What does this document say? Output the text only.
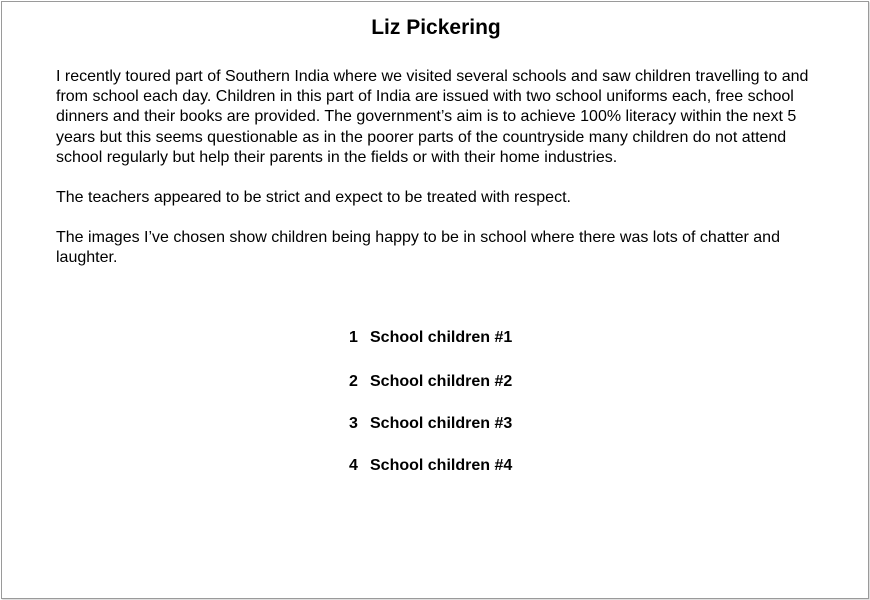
Liz Pickering

I recently toured part of Southern India where we visited several schools and saw children travelling to and from school each day. Children in this part of India are issued with two school uniforms each, free school dinners and their books are provided. The government’s aim is to achieve 100% literacy within the next 5 years but this seems questionable as in the poorer parts of the countryside many children do not attend school regularly but help their parents in the fields or with their home industries.

The teachers appeared to be strict and expect to be treated with respect.

The images I’ve chosen show children being happy to be in school where there was lots of chatter and laughter.

1 School children #1
2 School children #2
3 School children #3
4 School children #4
